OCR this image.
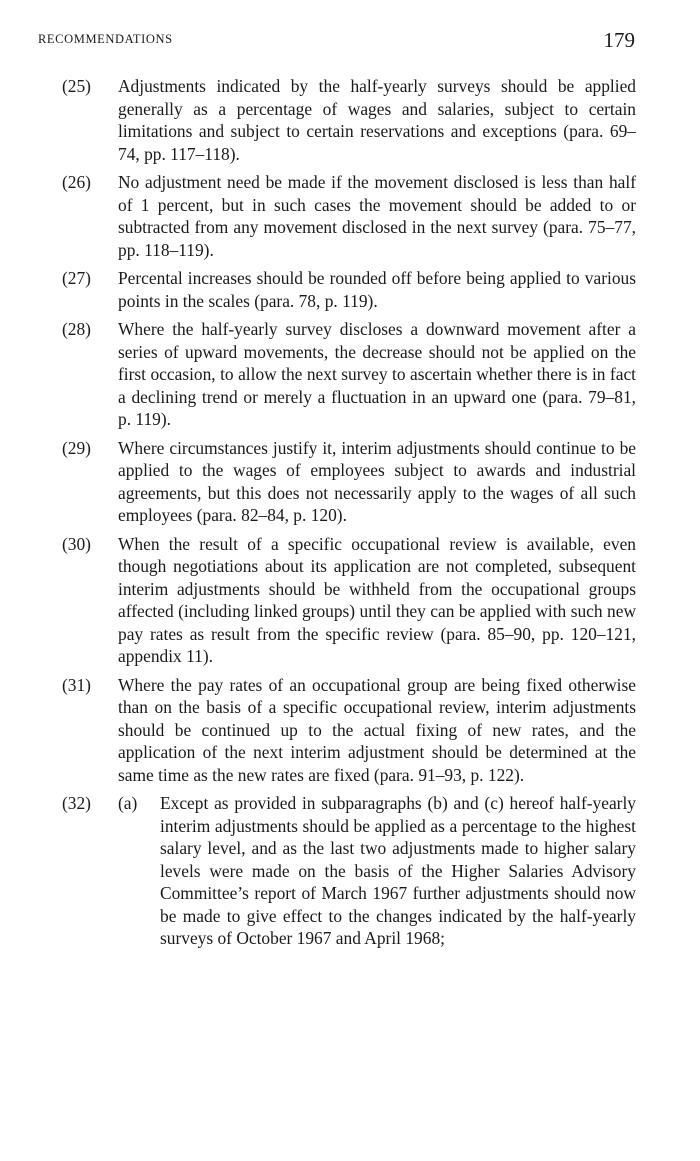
RECOMMENDATIONS	179
(25) Adjustments indicated by the half-yearly surveys should be applied generally as a percentage of wages and salaries, subject to certain limitations and subject to certain reservations and exceptions (para. 69–74, pp. 117–118).
(26) No adjustment need be made if the movement disclosed is less than half of 1 percent, but in such cases the movement should be added to or subtracted from any movement disclosed in the next survey (para. 75–77, pp. 118–119).
(27) Percental increases should be rounded off before being applied to various points in the scales (para. 78, p. 119).
(28) Where the half-yearly survey discloses a downward movement after a series of upward movements, the decrease should not be applied on the first occasion, to allow the next survey to ascertain whether there is in fact a declining trend or merely a fluctuation in an upward one (para. 79–81, p. 119).
(29) Where circumstances justify it, interim adjustments should continue to be applied to the wages of employees subject to awards and industrial agreements, but this does not necessarily apply to the wages of all such employees (para. 82–84, p. 120).
(30) When the result of a specific occupational review is available, even though negotiations about its application are not completed, subsequent interim adjustments should be withheld from the occupational groups affected (including linked groups) until they can be applied with such new pay rates as result from the specific review (para. 85–90, pp. 120–121, appendix 11).
(31) Where the pay rates of an occupational group are being fixed otherwise than on the basis of a specific occupational review, interim adjustments should be continued up to the actual fixing of new rates, and the application of the next interim adjustment should be determined at the same time as the new rates are fixed (para. 91–93, p. 122).
(32) (a) Except as provided in subparagraphs (b) and (c) hereof half-yearly interim adjustments should be applied as a percentage to the highest salary level, and as the last two adjustments made to higher salary levels were made on the basis of the Higher Salaries Advisory Committee’s report of March 1967 further adjustments should now be made to give effect to the changes indicated by the half-yearly surveys of October 1967 and April 1968;
